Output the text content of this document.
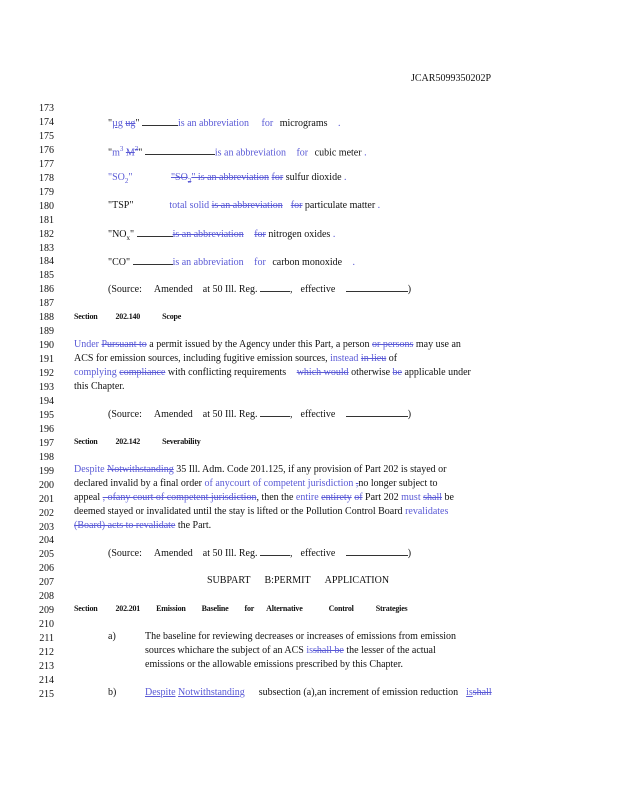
JCAR5099350202P
173
174
175
176
177
178
179
180
181
182
183
184
185
186
187
188
189
190
191
192
193
194
195
196
197
198
199
200
201
202
203
204
205
206
207
208
209
210
211
212
213
214
215
"µg ug"	is an abbreviation for micrograms .
"$m^3$ $M^3$"	is an abbreviation for cubic meter .
"$SO_2$"	"$SO_2$" is an abbreviation for sulfur dioxide .
"TSP"	total solid is an abbreviation for particulate matter .
"$NO_x$"	is an abbreviation for nitrogen oxides .
"CO"	is an abbreviation for carbon monoxide .
(Source: Amended at 50 Ill. Reg.	, effective	)
Section 202.140	Scope
Under Pursuant to a permit issued by the Agency under this Part, a person or persons may use an
ACS for emission sources, including fugitive emission sources, instead in lieu of
complying compliance with conflicting requirements which would otherwise be applicable under
this Chapter.
(Source: Amended at 50 Ill. Reg.	, effective	)
Section 202.142	Severability
Despite Notwithstanding 35 Ill. Adm. Code 201.125, if any provision of Part 202 is stayed or
declared invalid by a final order of anycourt of competent jurisdiction ,no longer subject to
appeal , ofany court of competent jurisdiction, then the entire entirety of Part 202 must shall be
deemed stayed or invalidated until the stay is lifted or the Pollution Control Board revalidates
(Board) acts to revalidate the Part.
(Source: Amended at 50 Ill. Reg.	, effective	)
SUBPART B:PERMIT APPLICATION
Section 202.201 Emission Baseline for Alternative	Control	Strategies
a)	The baseline for reviewing decreases or increases of emissions from emission
sources whichare the subject of an ACS isshall be the lesser of the actual
emissions or the allowable emissions prescribed by this Chapter.
b)	Despite Notwithstanding subsection (a),an increment of emission reduction isshall
